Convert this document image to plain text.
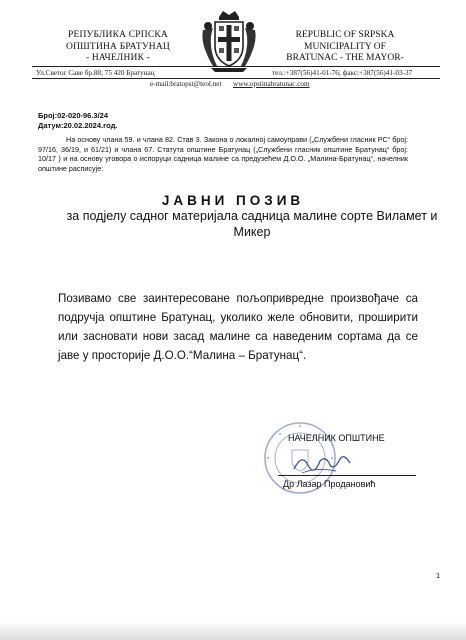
РЕПУБЛИКА СРПСКА
ОПШТИНА БРАТУНАЦ
- НАЧЕЛНИК -
REPUBLIC OF SRPSKA
MUNICIPALITY OF
BRATUNAC - THE MAYOR-
Ул.Светог Саве бр.88; 75 420 Братунац	тел.:+387(56)41-01-76; факс:+387(56)41-03-37
e-mail:bratopst@teol.net www.opstinabratunac.com
Број:02-020-96.3/24
Датум:20.02.2024.год.
На основу члана 59. и члана 82. Став 3. Закона о локалној самоуправи („Службени гласник РС“ број: 97/16, 36/19, и 61/21) и члана 67. Статута општине Братунац („Службени гласник општине Братунац“ број: 10/17 ) и на основу уговора о испоруци садница малине са предузећем Д.О.О. „Малина-Братунац“, начелник општине расписује:
ЈАВНИ ПОЗИВ
за подјелу садног материјала садница малине сорте Виламет и Микер
Позивамо све заинтересоване пољопривредне произвођаче са подручја општине Братунац, уколико желе обновити, проширити или засновати нови засад малине са наведеним сортама да се јаве у просторије Д.О.О.“Малина – Братунац“.
НАЧЕЛНИК ОПШТИНЕ
Др Лазар Продановић
1
